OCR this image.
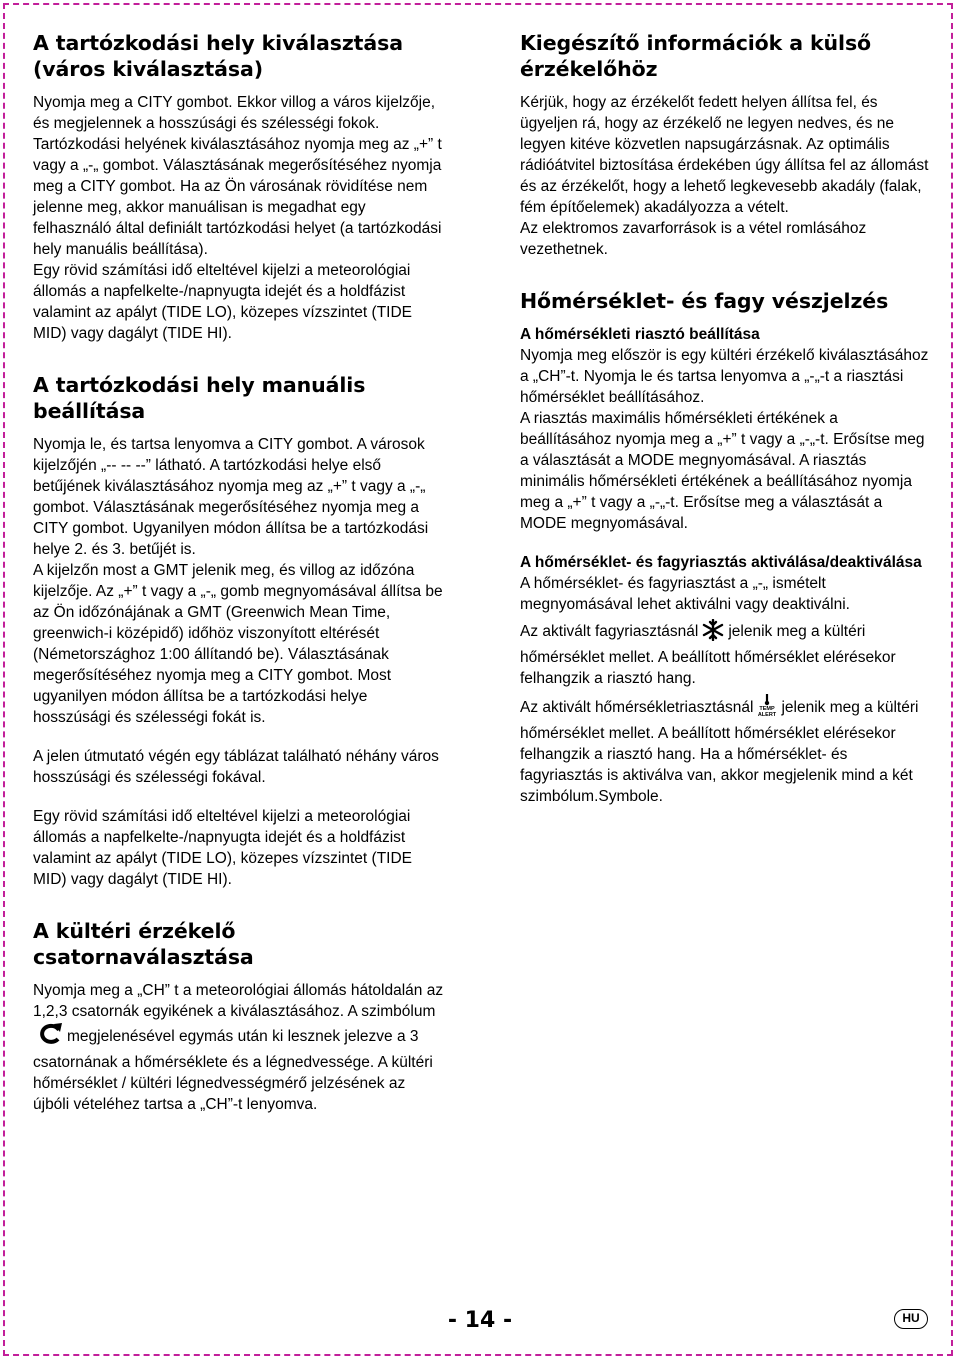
A tartózkodási hely kiválasztása (város kiválasztása)

Nyomja meg a CITY gombot. Ekkor villog a város kijelzője, és megjelennek a hosszúsági és szélességi fokok. Tartózkodási helyének kiválasztásához nyomja meg az „+” t vagy a „-„ gombot. Választásának megerősítéséhez nyomja meg a CITY gombot. Ha az Ön városának rövidítése nem jelenne meg, akkor manuálisan is megadhat egy felhasználó által definiált tartózkodási helyet (a tartózkodási hely manuális beállítása).

Egy rövid számítási idő elteltével kijelzi a meteorológiai állomás a napfelkelte-/napnyugta idejét és a holdfázist valamint az apályt (TIDE LO), közepes vízszintet (TIDE MID) vagy dagályt (TIDE HI).

A tartózkodási hely manuális beállítása

Nyomja le, és tartsa lenyomva a CITY gombot. A városok kijelzőjén „-- -- --” látható. A tartózkodási helye első betűjének kiválasztásához nyomja meg az „+” t vagy a „-„ gombot. Választásának megerősítéséhez nyomja meg a CITY gombot. Ugyanilyen módon állítsa be a tartózkodási helye 2. és 3. betűjét is.

A kijelzőn most a GMT jelenik meg, és villog az időzóna kijelzője. Az „+” t vagy a „-„ gomb megnyomásával állítsa be az Ön időzónájának a GMT (Greenwich Mean Time, greenwich-i középidő) időhöz viszonyított eltérését (Németországhoz 1:00 állítandó be). Választásának megerősítéséhez nyomja meg a CITY gombot. Most ugyanilyen módon állítsa be a tartózkodási helye hosszúsági és szélességi fokát is.

A jelen útmutató végén egy táblázat található néhány város hosszúsági és szélességi fokával.

Egy rövid számítási idő elteltével kijelzi a meteorológiai állomás a napfelkelte-/napnyugta idejét és a holdfázist valamint az apályt (TIDE LO), közepes vízszintet (TIDE MID) vagy dagályt (TIDE HI).

A kültéri érzékelő csatornaválasztása

Nyomja meg a „CH” t a meteorológiai állomás hátoldalán az 1,2,3 csatornák egyikének a kiválasztásához. A szimbólummegjelenésével egymás után ki lesznek jelezve a 3 csatornának a hőmérséklete és a légnedvessége. A kültéri hőmérséklet / kültéri légnedvességmérő jelzésének az újbóli vételéhez tartsa a „CH”-t lenyomva.

Kiegészítő információk a külső érzékelőhöz

Kérjük, hogy az érzékelőt fedett helyen állítsa fel, és ügyeljen rá, hogy az érzékelő ne legyen nedves, és ne legyen kitéve közvetlen napsugárzásnak. Az optimális rádióátvitel biztosítása érdekében úgy állítsa fel az állomást és az érzékelőt, hogy a lehető legkevesebb akadály (falak, fém építőelemek) akadályozza a vételt.

Az elektromos zavarforrások is a vétel romlásához vezethetnek.

Hőmérséklet- és fagy vészjelzés
A hőmérsékleti riasztó beállítása

Nyomja meg először is egy kültéri érzékelő kiválasztásához a „CH”-t. Nyomja le és tartsa lenyomva a „-„-t a riasztási hőmérséklet beállításához.

A riasztás maximális hőmérsékleti értékének a beállításához nyomja meg a „+” t vagy a „-„-t. Erősítse meg a választását a MODE megnyomásával. A riasztás minimális hőmérsékleti értékének a beállításához nyomja meg a „+” t vagy a „-„-t. Erősítse meg a választását a MODE megnyomásával.

A hőmérséklet- és fagyriasztás aktiválása/deaktiválása

A hőmérséklet- és fagyriasztást a „-„ ismételt megnyomásával lehet aktiválni vagy deaktiválni.

Az aktivált fagyriasztásnál jelenik meg a kültéri hőmérséklet mellet. A beállított hőmérséklet elérésekor felhangzik a riasztó hang.

Az aktivált hőmérsékletriasztásnál TEMP
ALERT jelenik meg a kültéri hőmérséklet mellet. A beállított hőmérséklet elérésekor felhangzik a riasztó hang. Ha a hőmérséklet- és fagyriasztás is aktiválva van, akkor megjelenik mind a két szimbólum.Symbole.

- 14 -	HU
